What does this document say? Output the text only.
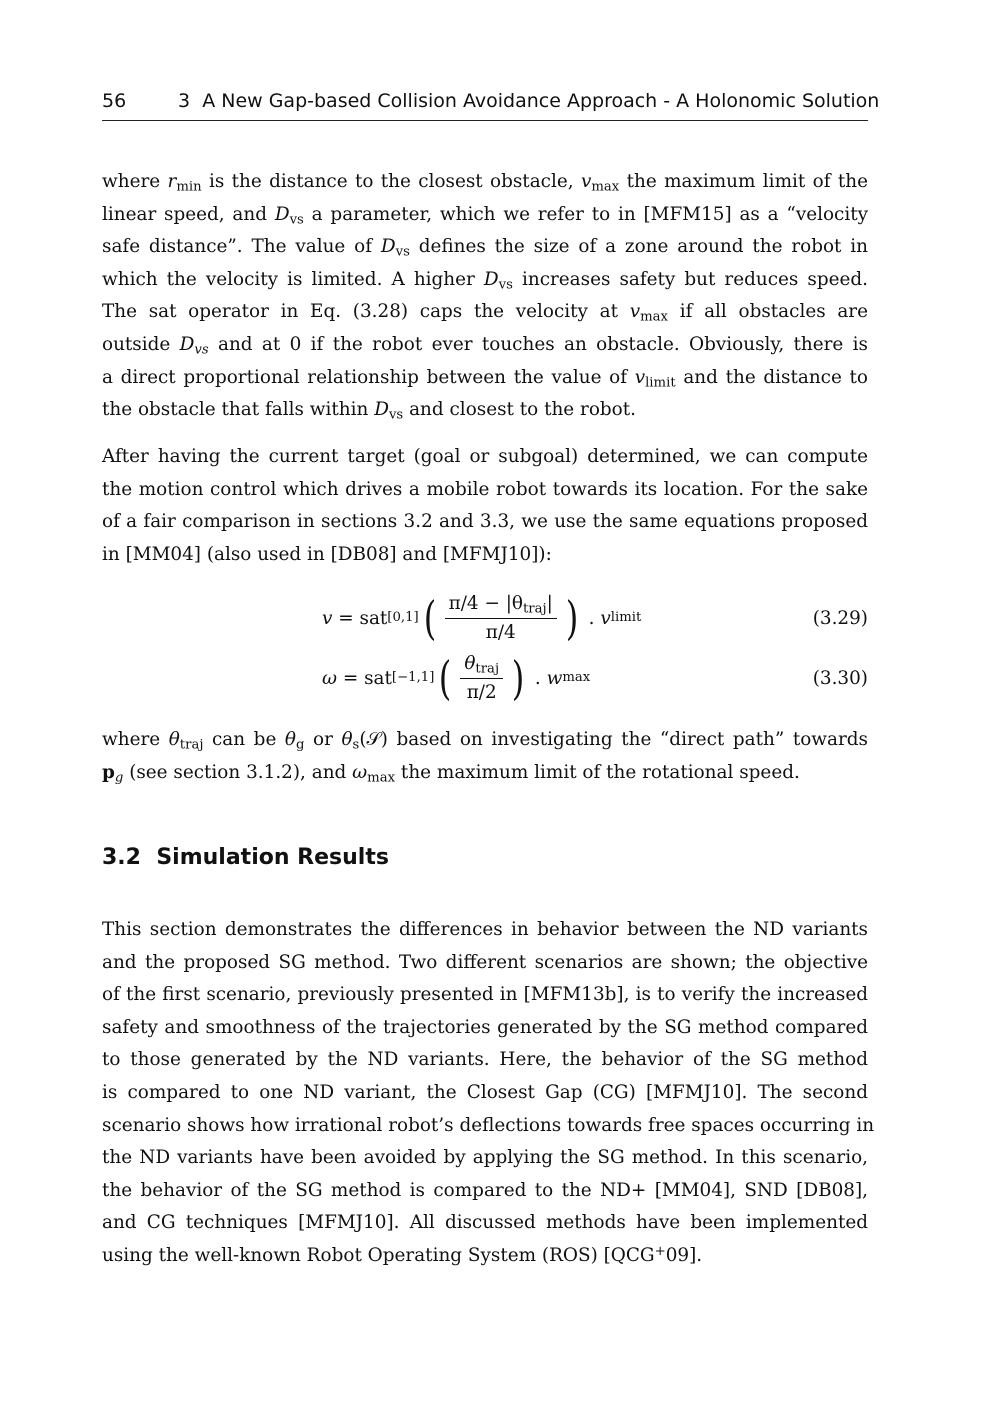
56	3 A New Gap-based Collision Avoidance Approach - A Holonomic Solution
where $r_{min}$ is the distance to the closest obstacle, $v_{max}$ the maximum limit of the
linear speed, and $D_{vs}$ a parameter, which we refer to in [MFM15] as a “velocity
safe distance”. The value of $D_{vs}$ defines the size of a zone around the robot in
which the velocity is limited. A higher $D_{vs}$ increases safety but reduces speed.
The sat operator in Eq. (3.28) caps the velocity at $v_{max}$ if all obstacles are
outside $D_{vs}$ and at 0 if the robot ever touches an obstacle. Obviously, there is
a direct proportional relationship between the value of $v_{limit}$ and the distance to
the obstacle that falls within $D_{vs}$ and closest to the robot.
After having the current target (goal or subgoal) determined, we can compute
the motion control which drives a mobile robot towards its location. For the sake
of a fair comparison in sections 3.2 and 3.3, we use the same equations proposed
in [MM04] (also used in [DB08] and [MFMJ10]):
v = sat [0,1] ( $\frac{\pi/4 - |\theta_{traj}|}{\pi/4}$ )
.
v limit	(3.29)
ω = sat [−1,1] ( $\frac{\theta_{traj}}{\pi/2}$ )
.
w max	(3.30)
where $\theta_{traj}$ can be $\theta_g$ or $\theta_s(𝒮)$ based on investigating the “direct path” towards
$p_g$ (see section 3.1.2), and $\omega_{max}$ the maximum limit of the rotational speed.
3.2 Simulation Results
This section demonstrates the differences in behavior between the ND variants
and the proposed SG method. Two different scenarios are shown; the objective
of the first scenario, previously presented in [MFM13b], is to verify the increased
safety and smoothness of the trajectories generated by the SG method compared
to those generated by the ND variants. Here, the behavior of the SG method
is compared to one ND variant, the Closest Gap (CG) [MFMJ10]. The second
scenario shows how irrational robot’s deflections towards free spaces occurring in
the ND variants have been avoided by applying the SG method. In this scenario,
the behavior of the SG method is compared to the ND+ [MM04], SND [DB08],
and CG techniques [MFMJ10]. All discussed methods have been implemented
using the well-known Robot Operating System (ROS) [QCG+09].
